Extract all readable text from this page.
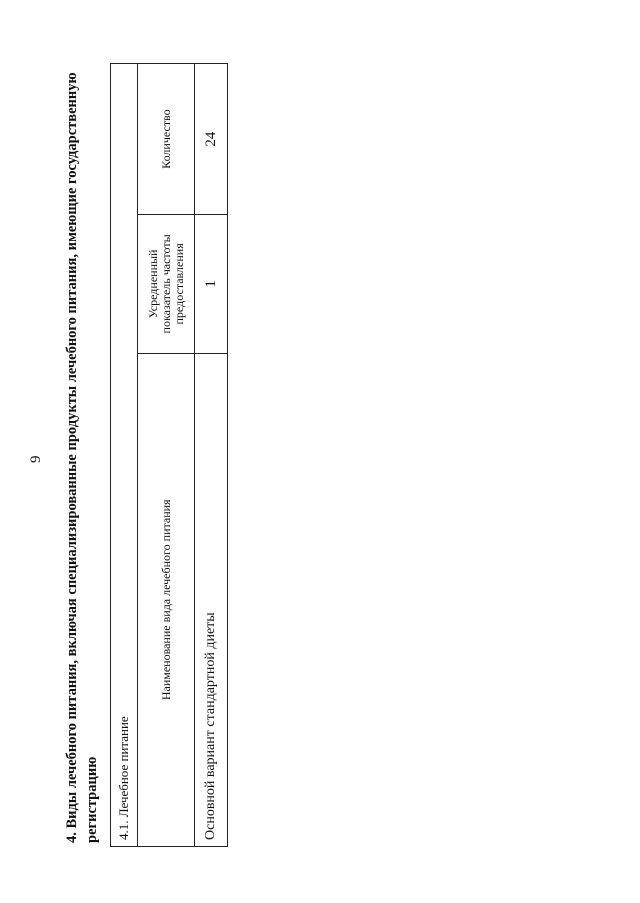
9 4. Виды лечебного питания, включая специализированные продукты лечебного питания, имеющие государственную регистрацию 4.1. Лечебное питание		
Наименование вида лечебного питания	Усредненный показатель частоты предоставления	Количество
Основной вариант стандартной диеты	1	24
